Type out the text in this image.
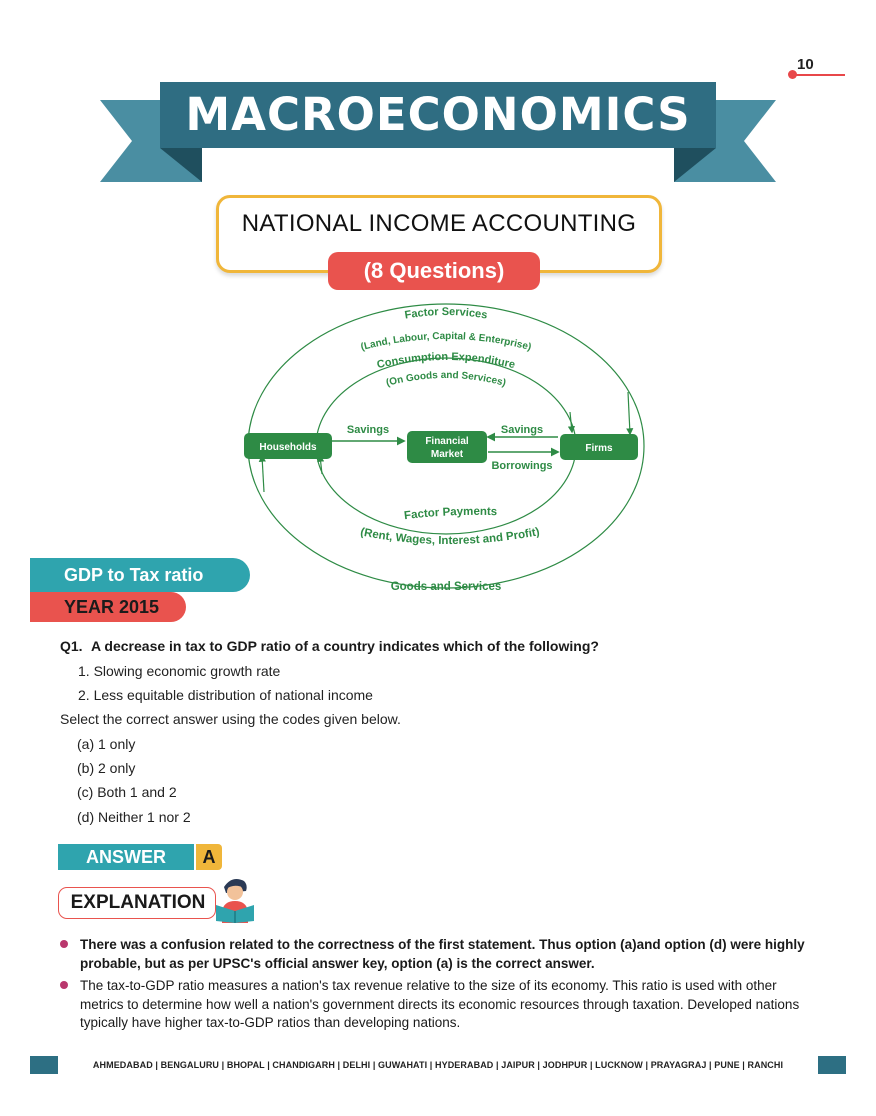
10
MACROECONOMICS
NATIONAL INCOME ACCOUNTING
(8 Questions)
Households
Financial
Market
Firms
Savings	Savings
Borrowings
Factor Services
(Land, Labour, Capital & Enterprise)
Consumption Expenditure
(On Goods and Services)
Factor Payments
(Rent, Wages, Interest and Profit)
Goods and Services
GDP to Tax ratio
YEAR 2015
Q1. A decrease in tax to GDP ratio of a country indicates which of the following?
1. Slowing economic growth rate
2. Less equitable distribution of national income
Select the correct answer using the codes given below.
(a) 1 only
(b) 2 only
(c) Both 1 and 2
(d) Neither 1 nor 2
ANSWER	A
EXPLANATION
There was a confusion related to the correctness of the first statement. Thus option (a)and option (d) were highly probable, but as per UPSC's official answer key, option (a) is the correct answer.
The tax-to-GDP ratio measures a nation's tax revenue relative to the size of its economy. This ratio is used with other metrics to determine how well a nation's government directs its economic resources through taxation. Developed nations typically have higher tax-to-GDP ratios than developing nations.
AHMEDABAD | BENGALURU | BHOPAL | CHANDIGARH | DELHI | GUWAHATI | HYDERABAD | JAIPUR | JODHPUR | LUCKNOW | PRAYAGRAJ | PUNE | RANCHI
